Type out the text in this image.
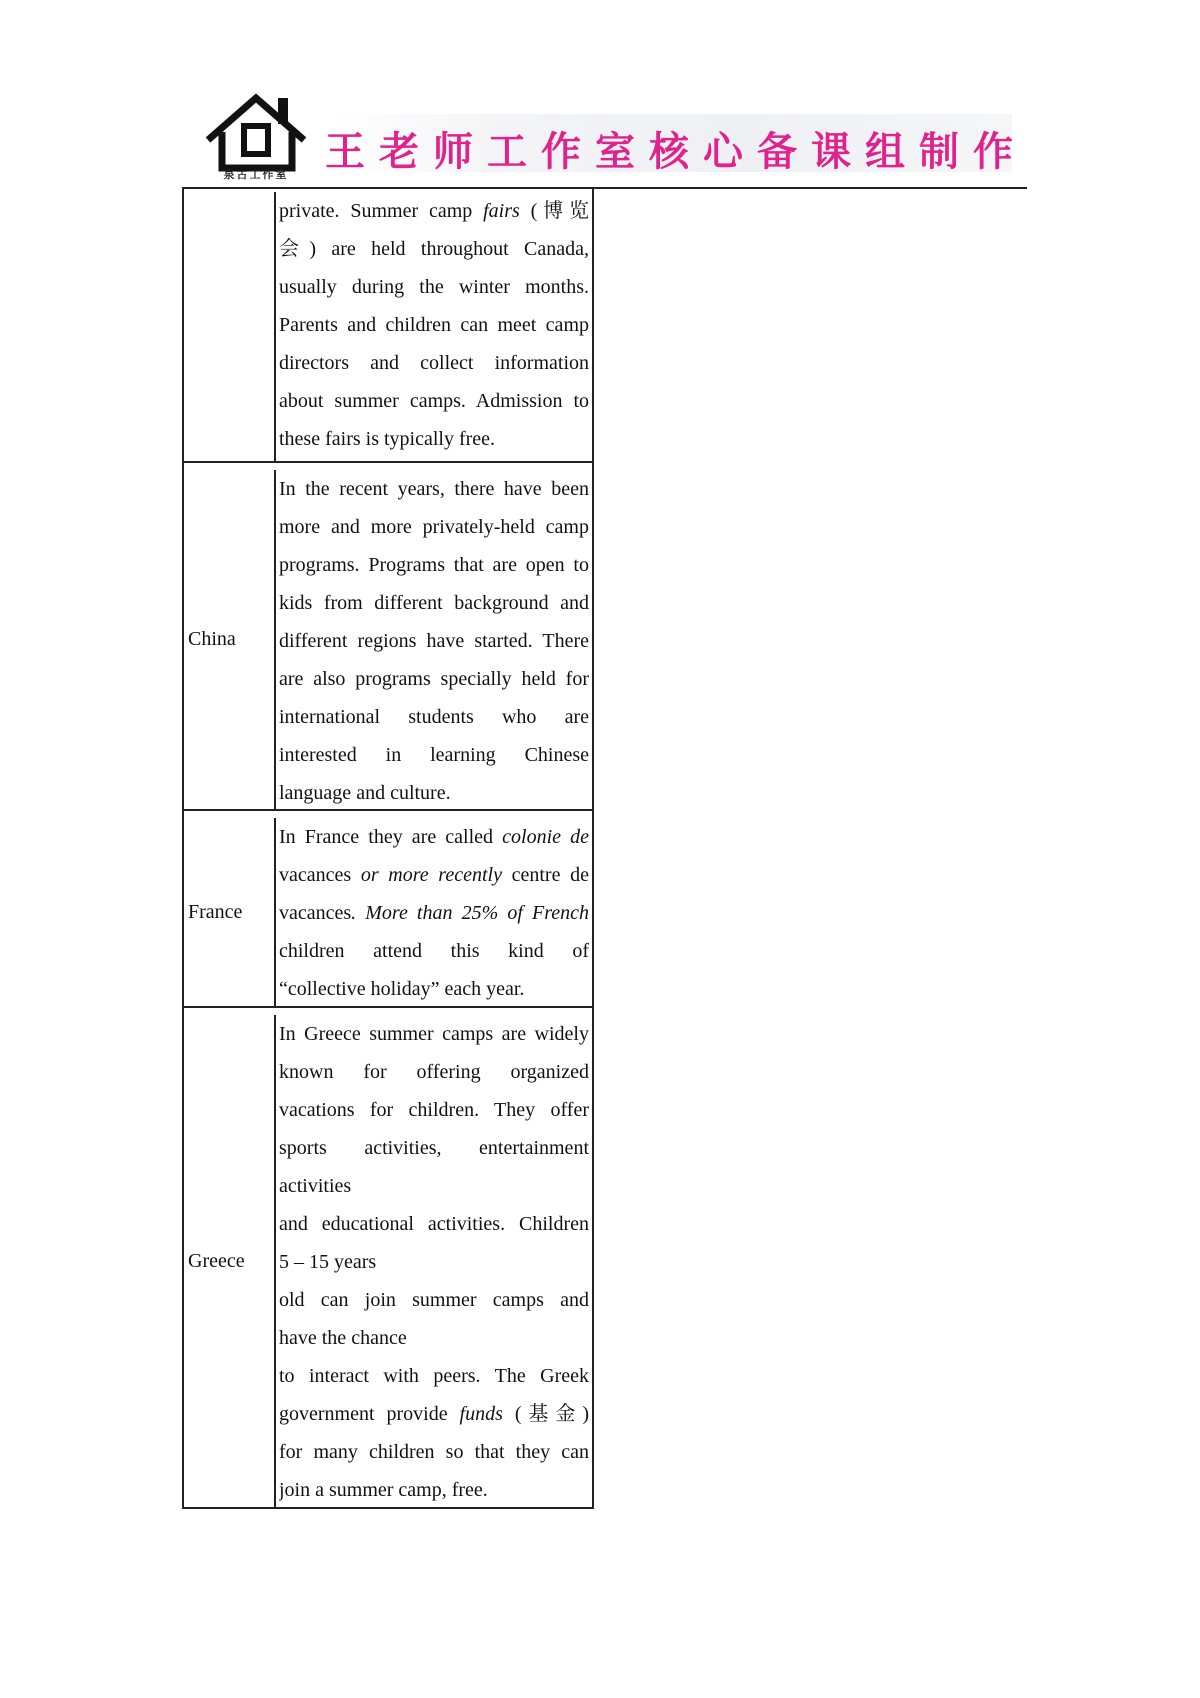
泉古工作室 王老师工作室核心备课组制作
private. Summer camp fairs (博览
会) are held throughout Canada,
usually during the winter months.
Parents and children can meet camp
directors and collect information
about summer camps. Admission to
these fairs is typically free.
China
In the recent years, there have been
more and more privately-held camp
programs. Programs that are open to
kids from different background and
different regions have started. There
are also programs specially held for
international students who are
interested in learning Chinese
language and culture.
France
In France they are called colonie de
vacances or more recently centre de
vacances. More than 25% of French
children attend this kind of
“collective holiday” each year.
Greece
In Greece summer camps are widely
known for offering organized
vacations for children. They offer
sports activities, entertainment
activities
and educational activities. Children
5 – 15 years
old can join summer camps and
have the chance
to interact with peers. The Greek
government provide funds (基金)
for many children so that they can
join a summer camp, free.
